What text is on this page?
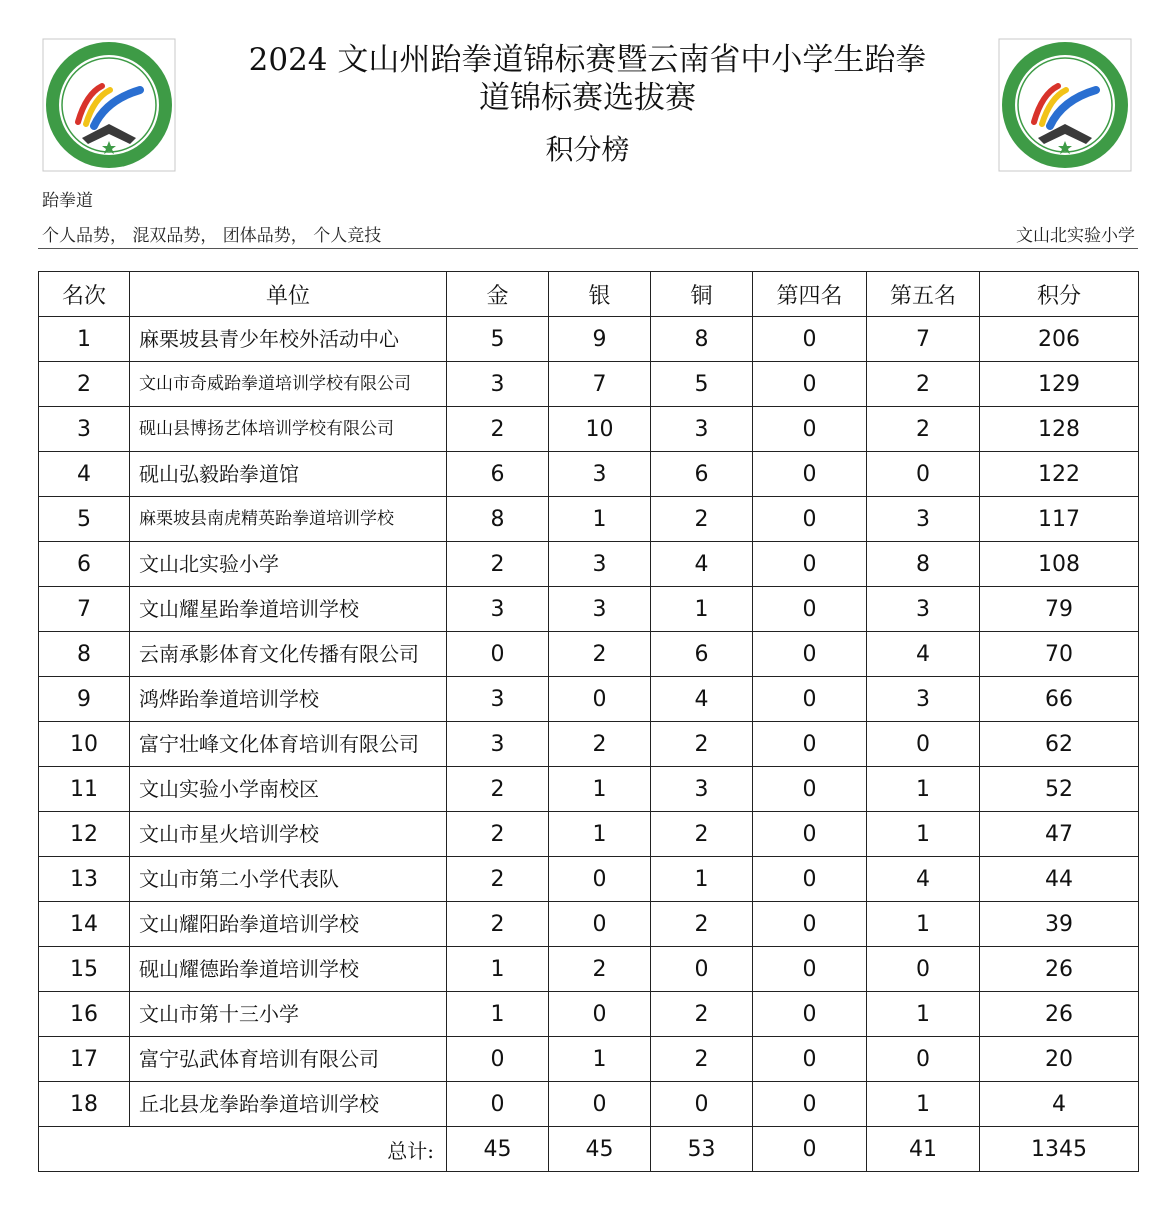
2024 文山州跆拳道锦标赛暨云南省中小学生跆拳
道锦标赛选拔赛
积分榜
跆拳道
个人品势， 混双品势， 团体品势， 个人竞技	文山北实验小学
名次	单位	金	银	铜	第四名	第五名	积分
1	麻栗坡县青少年校外活动中心	5	9	8	0	7	206
2	文山市奇威跆拳道培训学校有限公司	3	7	5	0	2	129
3	砚山县博扬艺体培训学校有限公司	2	10	3	0	2	128
4	砚山弘毅跆拳道馆	6	3	6	0	0	122
5	麻栗坡县南虎精英跆拳道培训学校	8	1	2	0	3	117
6	文山北实验小学	2	3	4	0	8	108
7	文山耀星跆拳道培训学校	3	3	1	0	3	79
8	云南承影体育文化传播有限公司	0	2	6	0	4	70
9	鸿烨跆拳道培训学校	3	0	4	0	3	66
10	富宁壮峰文化体育培训有限公司	3	2	2	0	0	62
11	文山实验小学南校区	2	1	3	0	1	52
12	文山市星火培训学校	2	1	2	0	1	47
13	文山市第二小学代表队	2	0	1	0	4	44
14	文山耀阳跆拳道培训学校	2	0	2	0	1	39
15	砚山耀德跆拳道培训学校	1	2	0	0	0	26
16	文山市第十三小学	1	0	2	0	1	26
17	富宁弘武体育培训有限公司	0	1	2	0	0	20
18	丘北县龙拳跆拳道培训学校	0	0	0	0	1	4
总计:		45	45	53	0	41	1345
